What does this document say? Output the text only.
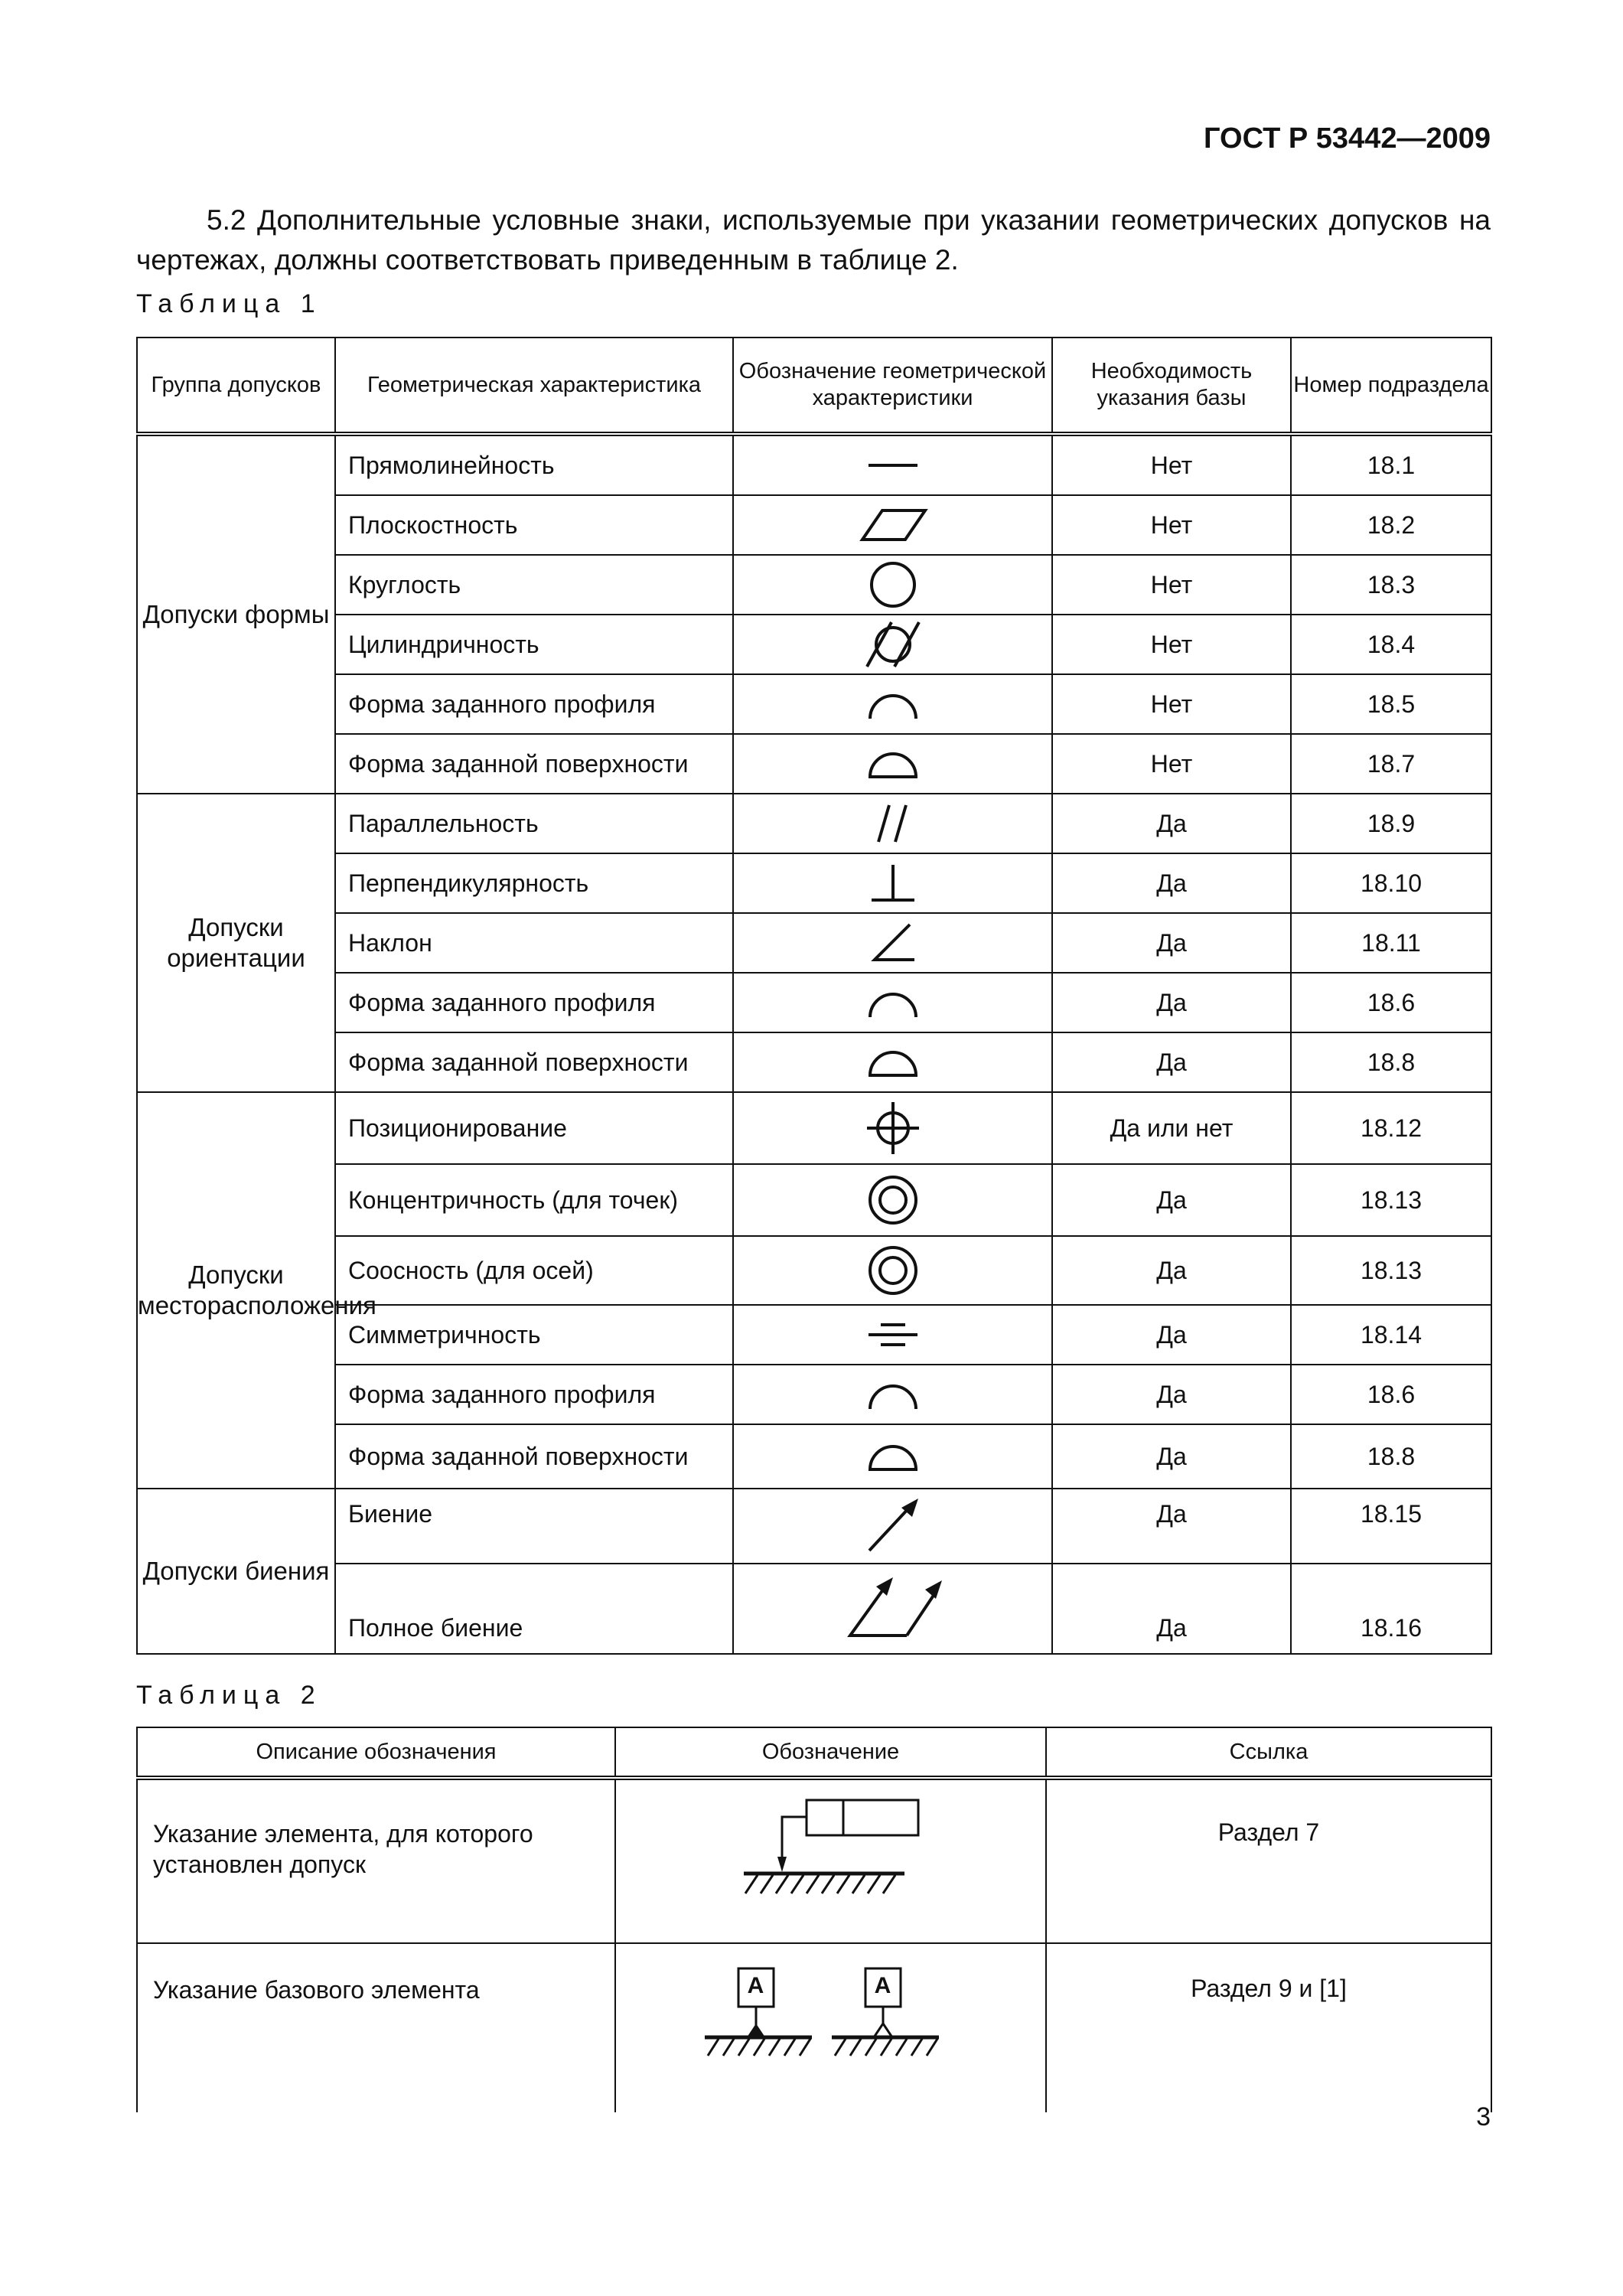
ГОСТ Р 53442—2009
5.2 Дополнительные условные знаки, используемые при указании геометрических допусков на чертежах, должны соответствовать приведенным в таблице 2.
Таблица 1
Группа допусков	Геометрическая характеристика	Обозначение геометрической характеристики	Необходимость указания базы	Номер подраздела
Допуски формы	Прямолинейность		Нет	18.1
	Плоскостность		Нет	18.2
	Круглость		Нет	18.3
	Цилиндричность		Нет	18.4
	Форма заданного профиля		Нет	18.5
	Форма заданной поверхности		Нет	18.7
Допуски ориентации	Параллельность		Да	18.9
	Перпендикулярность		Да	18.10
	Наклон		Да	18.11
	Форма заданного профиля		Да	18.6
	Форма заданной поверхности		Да	18.8
Допуски месторасположения	Позиционирование		Да или нет	18.12
	Концентричность (для точек)		Да	18.13
	Соосность (для осей)		Да	18.13
	Симметричность		Да	18.14
	Форма заданного профиля		Да	18.6
	Форма заданной поверхности		Да	18.8
Допуски биения	Биение		Да	18.15
	Полное биение		Да	18.16
Таблица 2
Описание обозначения	Обозначение	Ссылка
Указание элемента, для которого установлен допуск		Раздел 7
Указание базового элемента	А А	Раздел 9 и [1]
3
